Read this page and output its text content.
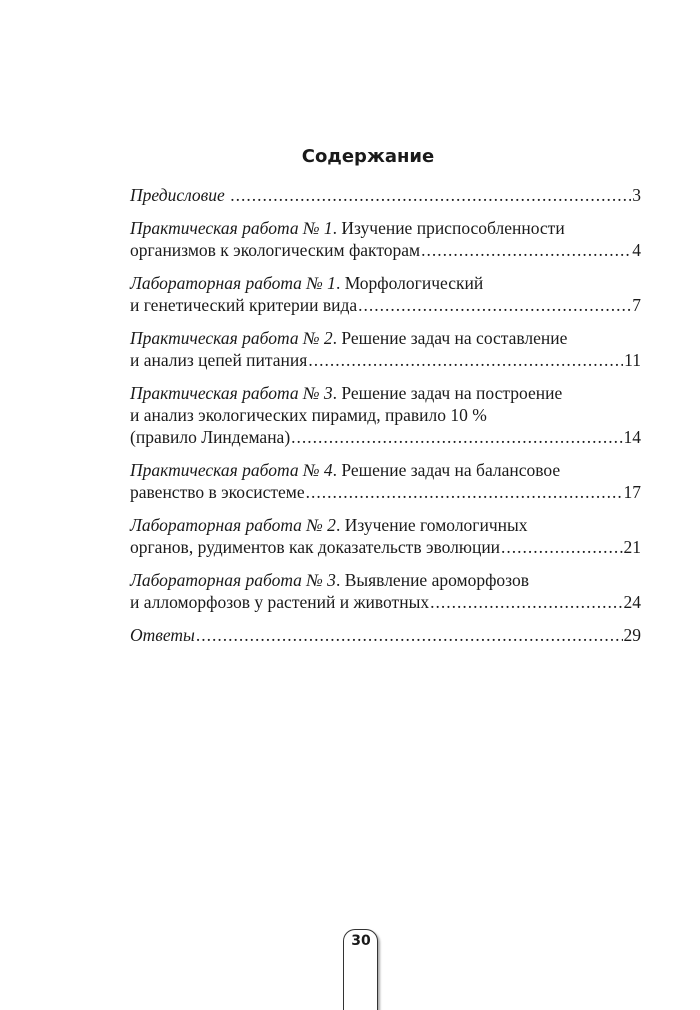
Содержание
Предисловие .....	3
Практическая работа № 1. Изучение приспособленности
организмов к экологическим факторам .....	4
Лабораторная работа № 1. Морфологический
и генетический критерии вида .....	7
Практическая работа № 2. Решение задач на составление
и анализ цепей питания .....	11
Практическая работа № 3. Решение задач на построение
и анализ экологических пирамид, правило 10 %
(правило Линдемана) .....	14
Практическая работа № 4. Решение задач на балансовое
равенство в экосистеме .....	17
Лабораторная работа № 2. Изучение гомологичных
органов, рудиментов как доказательств эволюции .....	21
Лабораторная работа № 3. Выявление ароморфозов
и алломорфозов у растений и животных .....	24
Ответы .....	29
30
